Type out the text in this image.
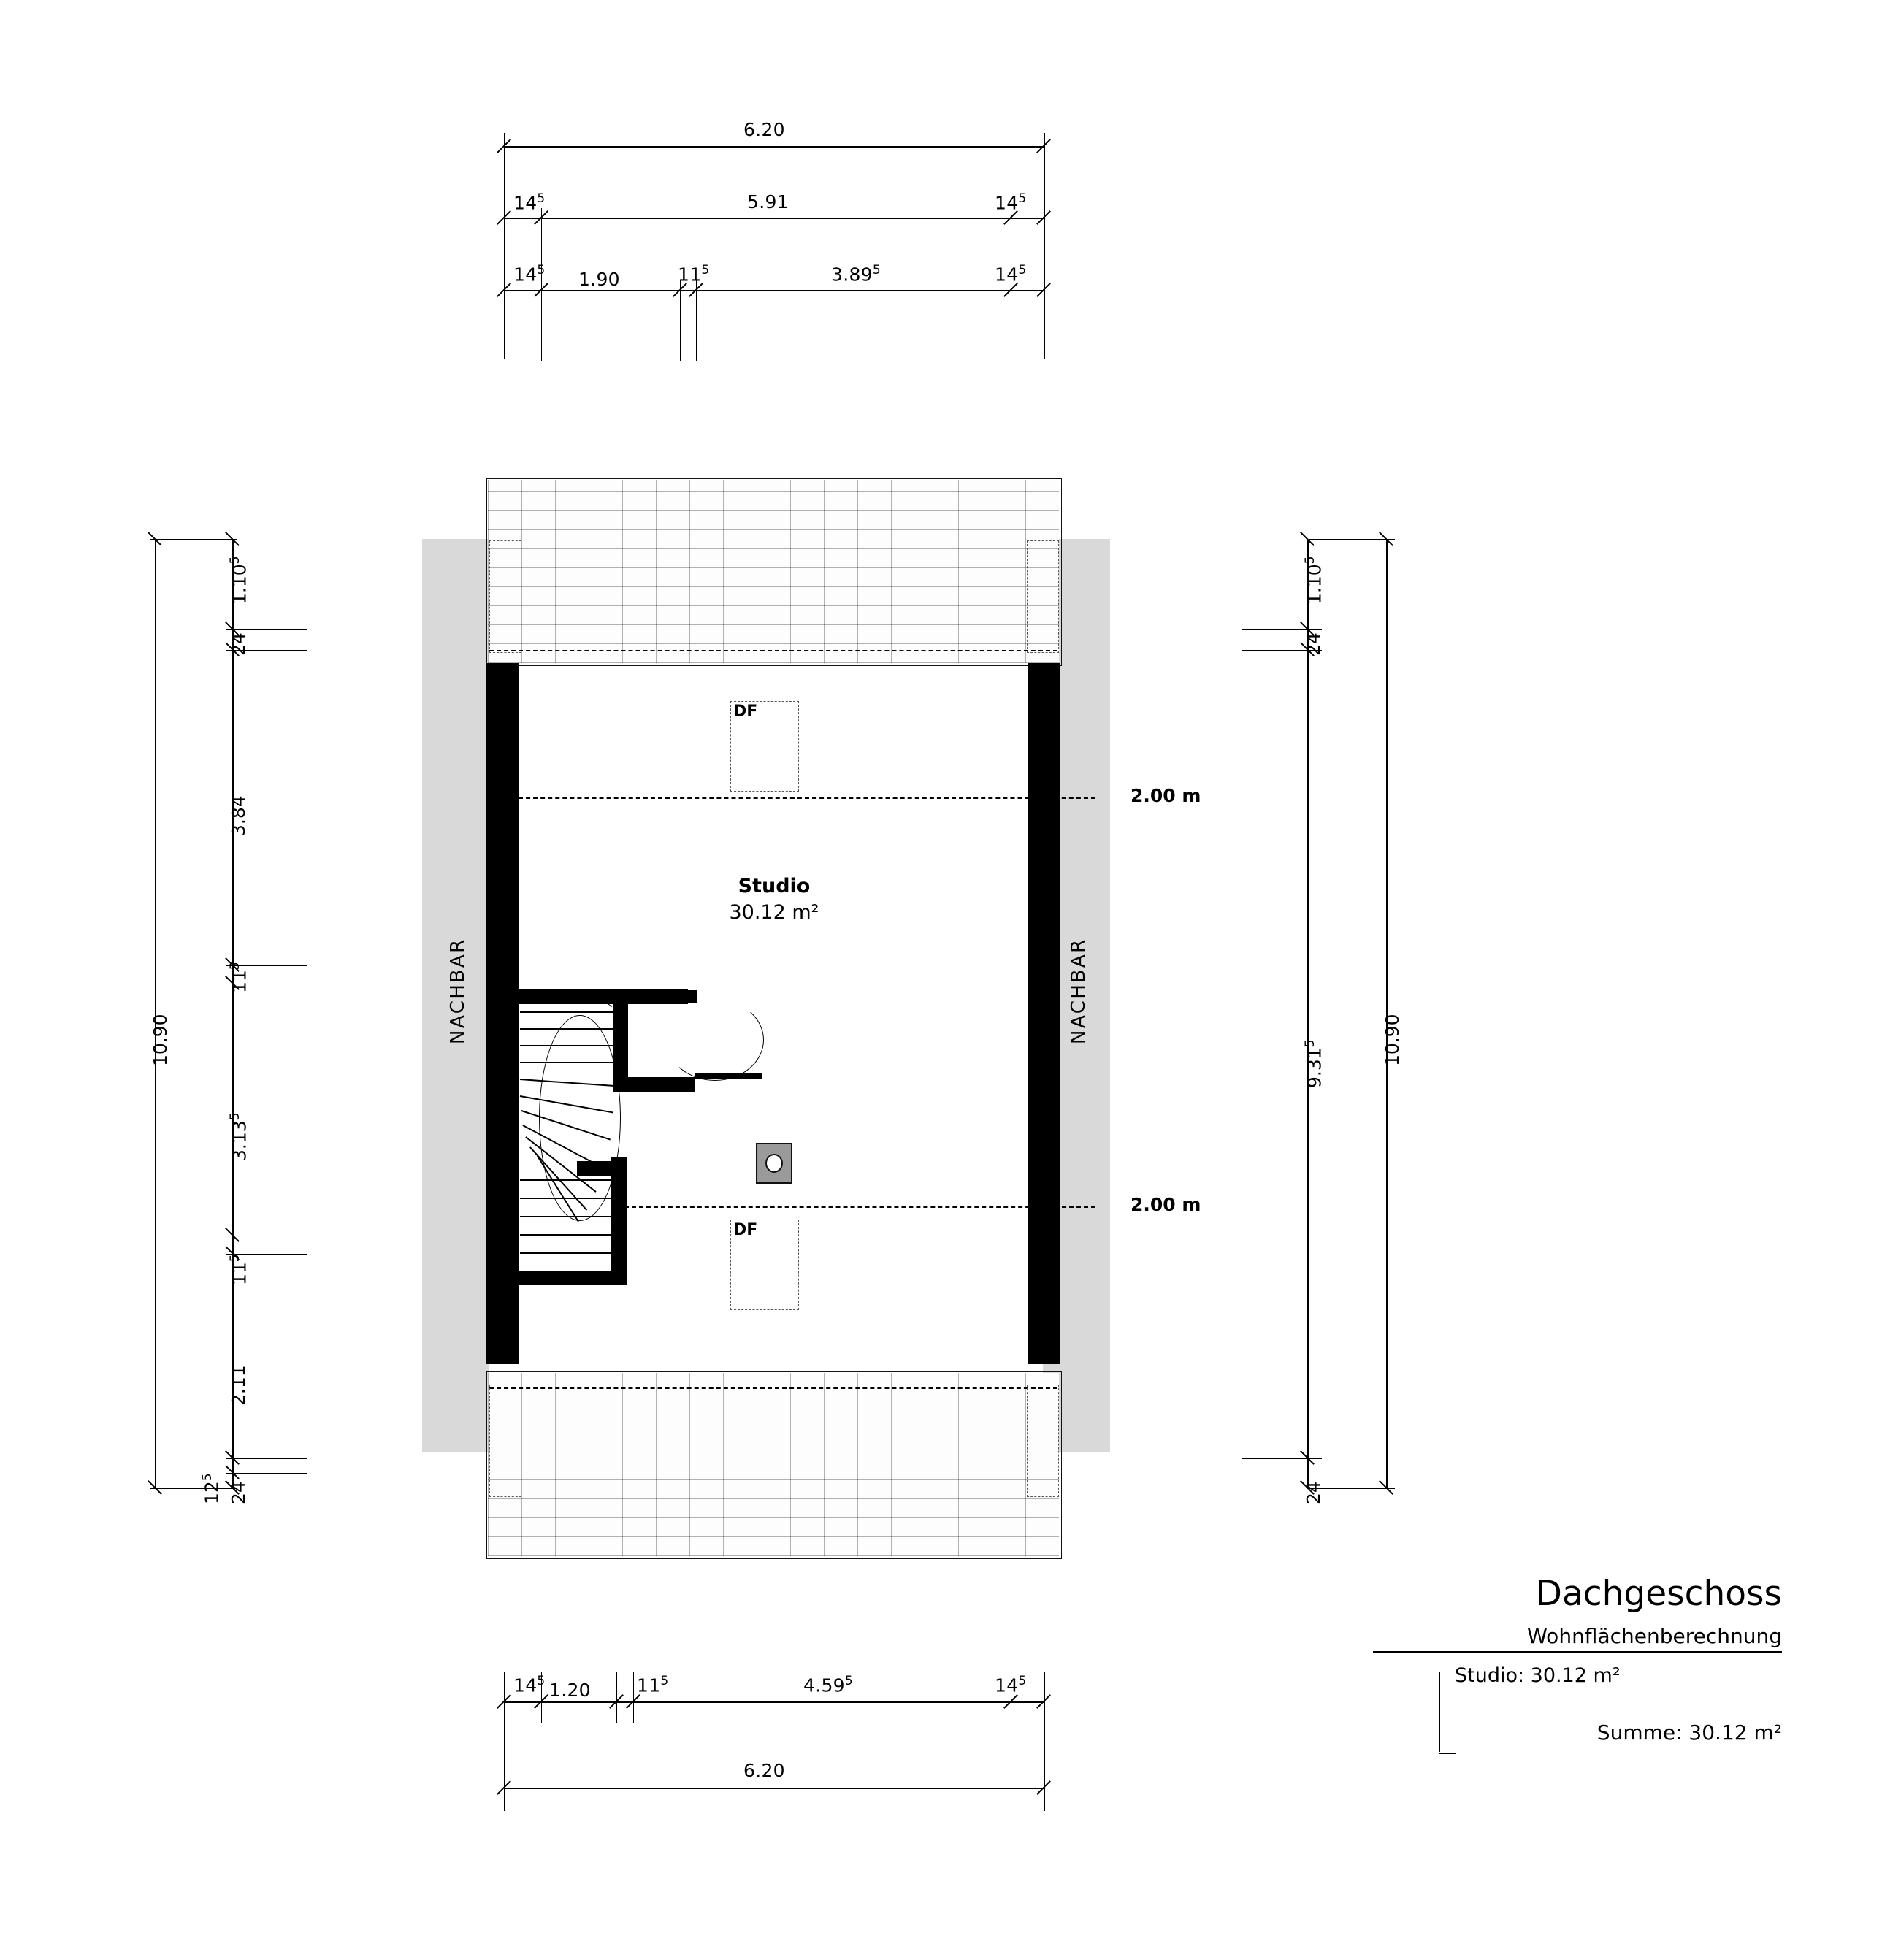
6.20
$14^5$	5.91	$14^5$
$14^5$ 1.90	$11^5$	3.89$^5$	$14^5$
10.90
1.10$^5$
24
3.84
$11^5$
3.13$^5$
$11^5$
2.11
$12^5$
24
10.90
1.10$^5$
24
9.31$^5$
24
NACHBAR	NACHBAR
2.00 m
2.00 m
DF
DF
Studio
30.12 m²
$14^5$ 1.20	$11^5$	4.59$^5$	$14^5$
6.20
Dachgeschoss
Wohnflächenberechnung
Studio: 30.12 m²
Summe: 30.12 m²
